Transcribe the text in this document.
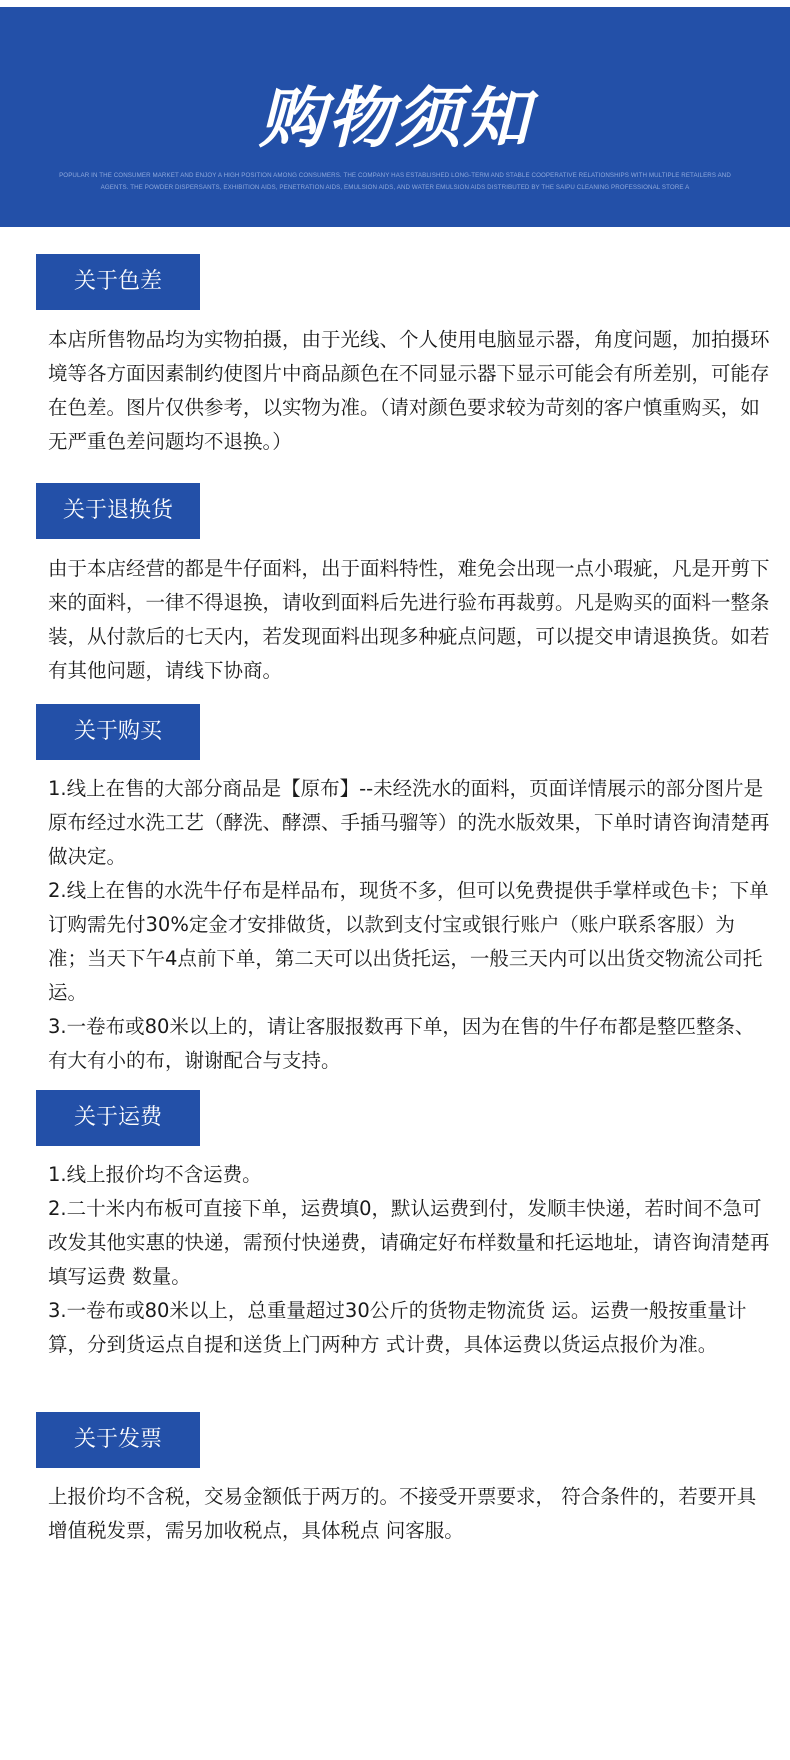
购物须知
POPULAR IN THE CONSUMER MARKET AND ENJOY A HIGH POSITION AMONG CONSUMERS. THE COMPANY HAS ESTABLISHED LONG-TERM AND STABLE COOPERATIVE RELATIONSHIPS WITH MULTIPLE RETAILERS AND AGENTS. THE POWDER DISPERSANTS, EXHIBITION AIDS, PENETRATION AIDS, EMULSION AIDS, AND WATER EMULSION AIDS DISTRIBUTED BY THE SAIPU CLEANING PROFESSIONAL STORE A
关于色差

本店所售物品均为实物拍摄，由于光线、个人使用电脑显示器，角度问题，加拍摄环境等各方面因素制约使图片中商品颜色在不同显示器下显示可能会有所差别，可能存在色差。图片仅供参考，以实物为准。（请对颜色要求较为苛刻的客户慎重购买，如无严重色差问题均不退换。）

关于退换货

由于本店经营的都是牛仔面料，出于面料特性，难免会出现一点小瑕疵，凡是开剪下来的面料，一律不得退换，请收到面料后先进行验布再裁剪。凡是购买的面料一整条装，从付款后的七天内，若发现面料出现多种疵点问题，可以提交申请退换货。如若有其他问题，请线下协商。

关于购买

1.线上在售的大部分商品是【原布】--未经洗水的面料，页面详情展示的部分图片是原布经过水洗工艺（酵洗、酵漂、手插马骝等）的洗水版效果，下单时请咨询清楚再做决定。

2.线上在售的水洗牛仔布是样品布，现货不多，但可以免费提供手掌样或色卡；下单订购需先付30%定金才安排做货，以款到支付宝或银行账户（账户联系客服）为准；当天下午4点前下单，第二天可以出货托运，一般三天内可以出货交物流公司托运。

3.一卷布或80米以上的，请让客服报数再下单，因为在售的牛仔布都是整匹整条、有大有小的布，谢谢配合与支持。

关于运费

1.线上报价均不含运费。

2.二十米内布板可直接下单，运费填0，默认运费到付，发顺丰快递，若时间不急可改发其他实惠的快递，需预付快递费，请确定好布样数量和托运地址，请咨询清楚再填写运费 数量。

3.一卷布或80米以上，总重量超过30公斤的货物走物流货 运。运费一般按重量计算，分到货运点自提和送货上门两种方 式计费，具体运费以货运点报价为准。

关于发票

上报价均不含税，交易金额低于两万的。不接受开票要求， 符合条件的，若要开具增值税发票，需另加收税点，具体税点 问客服。
